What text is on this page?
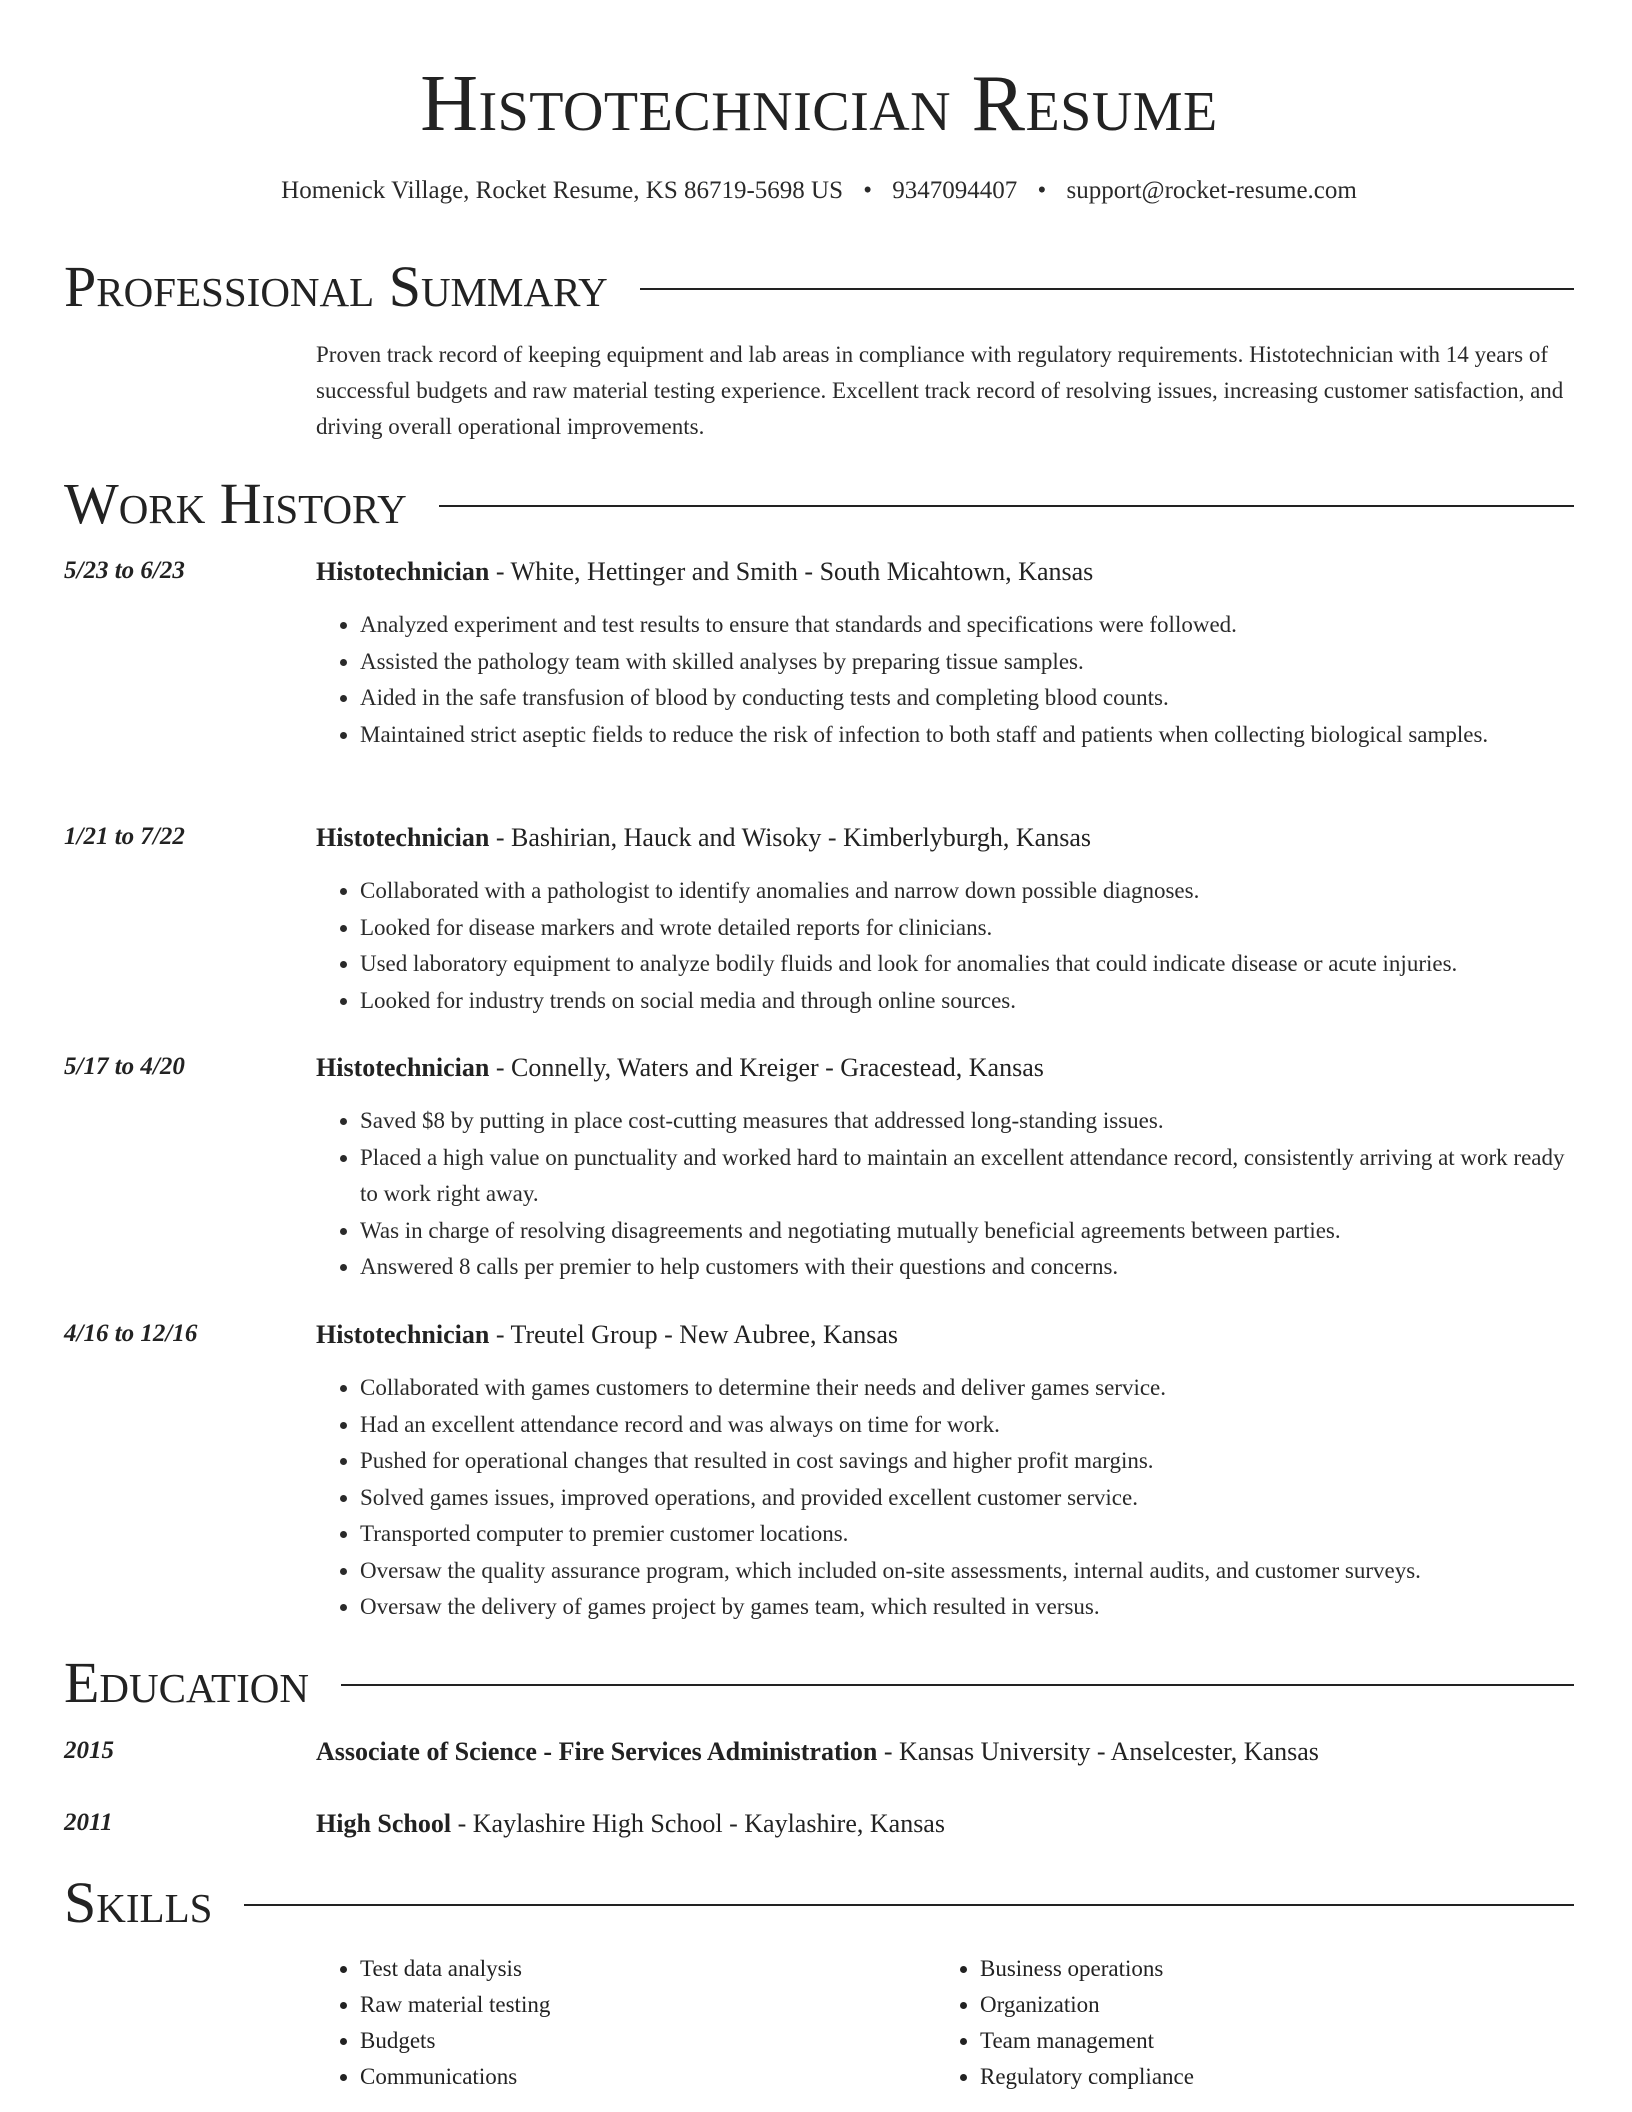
Histotechnician Resume
Homenick Village, Rocket Resume, KS 86719-5698 US • 9347094407 • support@rocket-resume.com
Professional Summary
Proven track record of keeping equipment and lab areas in compliance with regulatory requirements. Histotechnician with 14 years of successful budgets and raw material testing experience. Excellent track record of resolving issues, increasing customer satisfaction, and driving overall operational improvements.
Work History
5/23 to 6/23	Histotechnician - White, Hettinger and Smith - South Micahtown, Kansas
• Analyzed experiment and test results to ensure that standards and specifications were followed.
• Assisted the pathology team with skilled analyses by preparing tissue samples.
• Aided in the safe transfusion of blood by conducting tests and completing blood counts.
• Maintained strict aseptic fields to reduce the risk of infection to both staff and patients when collecting biological samples.
1/21 to 7/22	Histotechnician - Bashirian, Hauck and Wisoky - Kimberlyburgh, Kansas
• Collaborated with a pathologist to identify anomalies and narrow down possible diagnoses.
• Looked for disease markers and wrote detailed reports for clinicians.
• Used laboratory equipment to analyze bodily fluids and look for anomalies that could indicate disease or acute injuries.
• Looked for industry trends on social media and through online sources.
5/17 to 4/20	Histotechnician - Connelly, Waters and Kreiger - Gracestead, Kansas
• Saved $8 by putting in place cost-cutting measures that addressed long-standing issues.
• Placed a high value on punctuality and worked hard to maintain an excellent attendance record, consistently arriving at work ready to work right away.
• Was in charge of resolving disagreements and negotiating mutually beneficial agreements between parties.
• Answered 8 calls per premier to help customers with their questions and concerns.
4/16 to 12/16	Histotechnician - Treutel Group - New Aubree, Kansas
• Collaborated with games customers to determine their needs and deliver games service.
• Had an excellent attendance record and was always on time for work.
• Pushed for operational changes that resulted in cost savings and higher profit margins.
• Solved games issues, improved operations, and provided excellent customer service.
• Transported computer to premier customer locations.
• Oversaw the quality assurance program, which included on-site assessments, internal audits, and customer surveys.
• Oversaw the delivery of games project by games team, which resulted in versus.
Education
2015	Associate of Science - Fire Services Administration - Kansas University - Anselcester, Kansas
2011	High School - Kaylashire High School - Kaylashire, Kansas
Skills
• Test data analysis
• Raw material testing
• Budgets
• Communications
• Business operations
• Organization
• Team management
• Regulatory compliance
